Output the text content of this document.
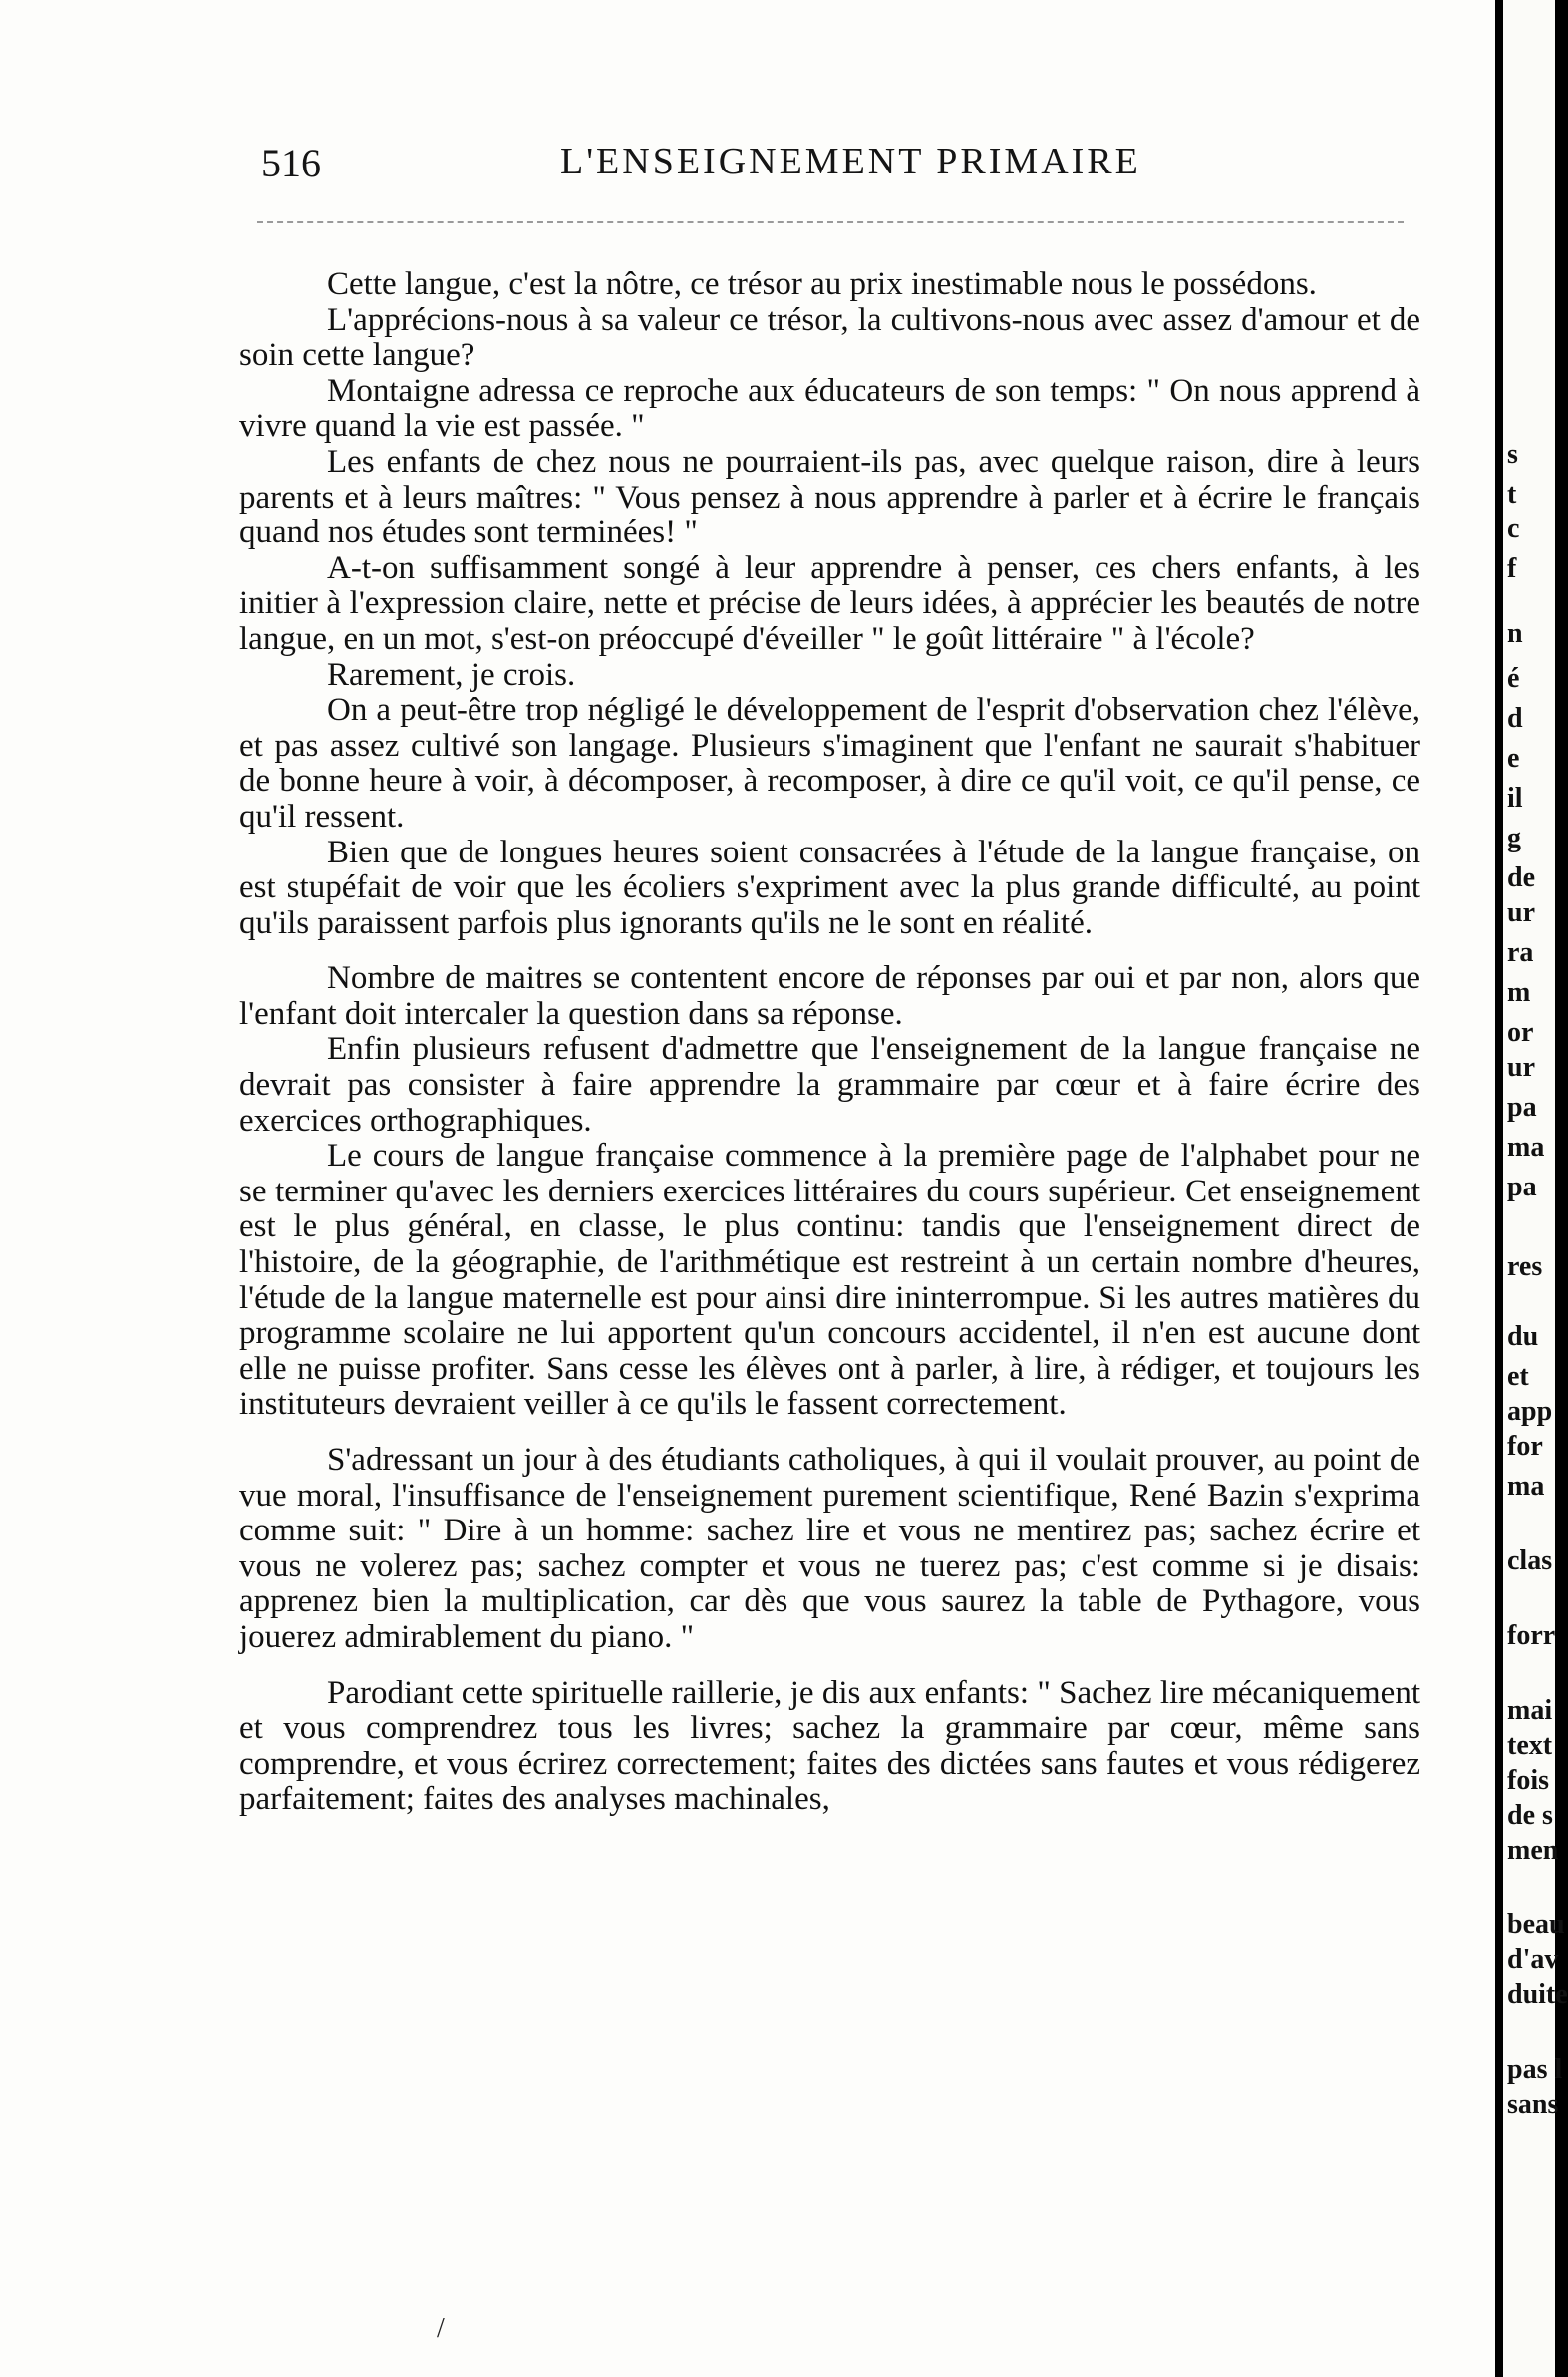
516	L'ENSEIGNEMENT PRIMAIRE

Cette langue, c'est la nôtre, ce trésor au prix inestimable nous le possédons.

L'apprécions-nous à sa valeur ce trésor, la cultivons-nous avec assez d'amour et de soin cette langue?

Montaigne adressa ce reproche aux éducateurs de son temps: " On nous apprend à vivre quand la vie est passée. "

Les enfants de chez nous ne pourraient-ils pas, avec quelque raison, dire à leurs parents et à leurs maîtres: " Vous pensez à nous apprendre à parler et à écrire le français quand nos études sont terminées! "

A-t-on suffisamment songé à leur apprendre à penser, ces chers enfants, à les initier à l'expression claire, nette et précise de leurs idées, à apprécier les beautés de notre langue, en un mot, s'est-on préoccupé d'éveiller " le goût littéraire " à l'école?

Rarement, je crois.

On a peut-être trop négligé le développement de l'esprit d'observation chez l'élève, et pas assez cultivé son langage. Plusieurs s'imaginent que l'enfant ne saurait s'habituer de bonne heure à voir, à décomposer, à recomposer, à dire ce qu'il voit, ce qu'il pense, ce qu'il ressent.

Bien que de longues heures soient consacrées à l'étude de la langue française, on est stupéfait de voir que les écoliers s'expriment avec la plus grande difficulté, au point qu'ils paraissent parfois plus ignorants qu'ils ne le sont en réalité.

Nombre de maitres se contentent encore de réponses par oui et par non, alors que l'enfant doit intercaler la question dans sa réponse.

Enfin plusieurs refusent d'admettre que l'enseignement de la langue française ne devrait pas consister à faire apprendre la grammaire par cœur et à faire écrire des exercices orthographiques.

Le cours de langue française commence à la première page de l'alphabet pour ne se terminer qu'avec les derniers exercices littéraires du cours supérieur. Cet enseignement est le plus général, en classe, le plus continu: tandis que l'enseignement direct de l'histoire, de la géographie, de l'arithmétique est restreint à un certain nombre d'heures, l'étude de la langue maternelle est pour ainsi dire ininterrompue. Si les autres matières du programme scolaire ne lui apportent qu'un concours accidentel, il n'en est aucune dont elle ne puisse profiter. Sans cesse les élèves ont à parler, à lire, à rédiger, et toujours les instituteurs devraient veiller à ce qu'ils le fassent correctement.

S'adressant un jour à des étudiants catholiques, à qui il voulait prouver, au point de vue moral, l'insuffisance de l'enseignement purement scientifique, René Bazin s'exprima comme suit: " Dire à un homme: sachez lire et vous ne mentirez pas; sachez écrire et vous ne volerez pas; sachez compter et vous ne tuerez pas; c'est comme si je disais: apprenez bien la multiplication, car dès que vous saurez la table de Pythagore, vous jouerez admirablement du piano. "

Parodiant cette spirituelle raillerie, je dis aux enfants: " Sachez lire mécaniquement et vous comprendrez tous les livres; sachez la grammaire par cœur, même sans comprendre, et vous écrirez correctement; faites des dictées sans fautes et vous rédigerez parfaitement; faites des analyses machinales,

/
s
t
c
f
n
é
d
e
il
g
de
ur
ra
m
or
ur
pa
ma
pa
res
du
et
app
for
ma
clas
forr
mai
text
fois
de s
men
beau
d'av
duite
pas l
sans
